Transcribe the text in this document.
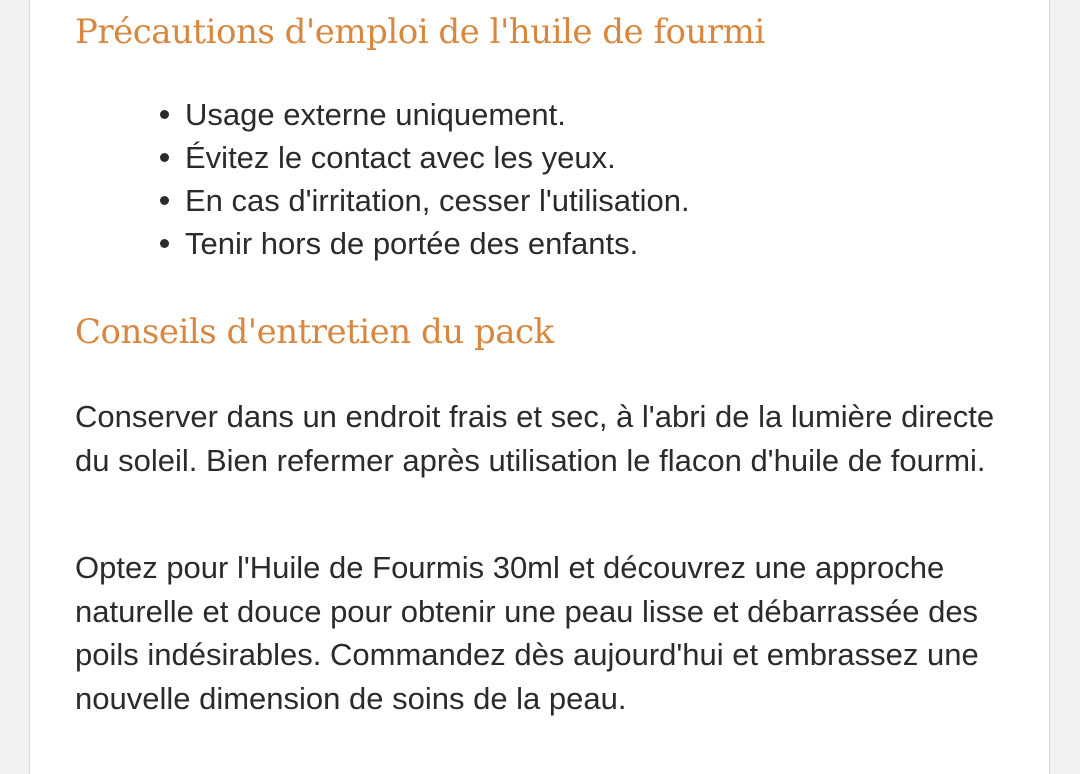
Précautions d'emploi de l'huile de fourmi
Usage externe uniquement.
Évitez le contact avec les yeux.
En cas d'irritation, cesser l'utilisation.
Tenir hors de portée des enfants.
Conseils d'entretien du pack

Conserver dans un endroit frais et sec, à l'abri de la lumière directe du soleil. Bien refermer après utilisation le flacon d'huile de fourmi.

Optez pour l'Huile de Fourmis 30ml et découvrez une approche naturelle et douce pour obtenir une peau lisse et débarrassée des poils indésirables. Commandez dès aujourd'hui et embrassez une nouvelle dimension de soins de la peau.
